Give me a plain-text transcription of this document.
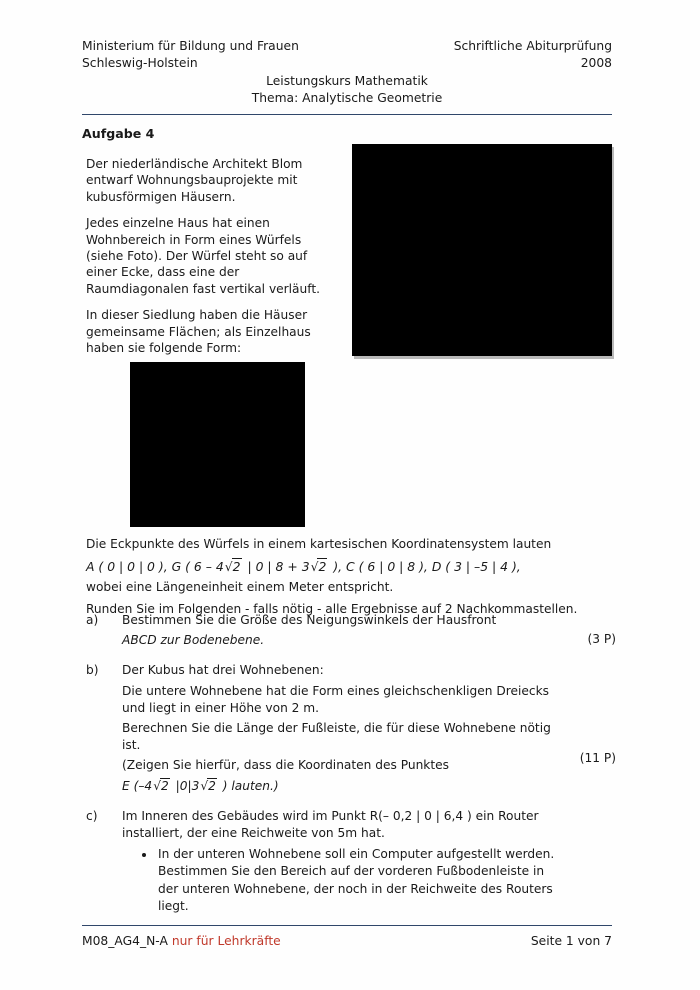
Ministerium für Bildung und Frauen
Schleswig-Holstein
Schriftliche Abiturprüfung
2008
Leistungskurs Mathematik
Thema: Analytische Geometrie
Aufgabe 4

Der niederländische Architekt Blom entwarf Wohnungsbauprojekte mit kubusförmigen Häusern.

Jedes einzelne Haus hat einen Wohnbereich in Form eines Würfels (siehe Foto). Der Würfel steht so auf einer Ecke, dass eine der Raumdiagonalen fast vertikal verläuft.

In dieser Siedlung haben die Häuser gemeinsame Flächen; als Einzelhaus haben sie folgende Form:

Die Eckpunkte des Würfels in einem kartesischen Koordinatensystem lauten

A ( 0 | 0 | 0 ), G ( 6 – 4 √ 2 | 0 | 8 + 3 √ 2 ), C ( 6 | 0 | 8 ), D ( 3 | –5 | 4 ),

wobei eine Längeneinheit einem Meter entspricht.

Runden Sie im Folgenden - falls nötig - alle Ergebnisse auf 2 Nachkommastellen.

a)	Bestimmen Sie die Größe des Neigungswinkels der Hausfront

ABCD zur Bodenebene.	(3 P)
b)	Der Kubus hat drei Wohnebenen:

Die untere Wohnebene hat die Form eines gleichschenkligen Dreiecks und liegt in einer Höhe von 2 m.

Berechnen Sie die Länge der Fußleiste, die für diese Wohnebene nötig ist.

(Zeigen Sie hierfür, dass die Koordinaten des Punktes

E (–4 √ 2 |0|3 √ 2 ) lauten.)

(11 P)
c)	Im Inneren des Gebäudes wird im Punkt R(– 0,2 | 0 | 6,4 ) ein Router installiert, der eine Reichweite von 5m hat.

• In der unteren Wohnebene soll ein Computer aufgestellt werden. Bestimmen Sie den Bereich auf der vorderen Fußbodenleiste in der unteren Wohnebene, der noch in der Reichweite des Routers liegt.
M08_AG4_N-A nur für Lehrkräfte	Seite 1 von 7
